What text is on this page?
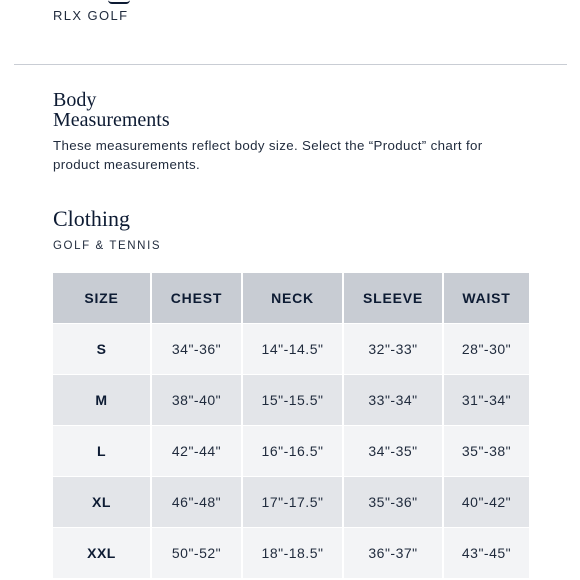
RLX GOLF
Body
Measurements

These measurements reflect body size. Select the “Product” chart for product measurements.

Clothing
GOLF & TENNIS
SIZE	CHEST	NECK	SLEEVE	WAIST
S	34"-36"	14"-14.5"	32"-33"	28"-30"
M	38"-40"	15"-15.5"	33"-34"	31"-34"
L	42"-44"	16"-16.5"	34"-35"	35"-38"
XL	46"-48"	17"-17.5"	35"-36"	40"-42"
XXL	50"-52"	18"-18.5"	36"-37"	43"-45"
